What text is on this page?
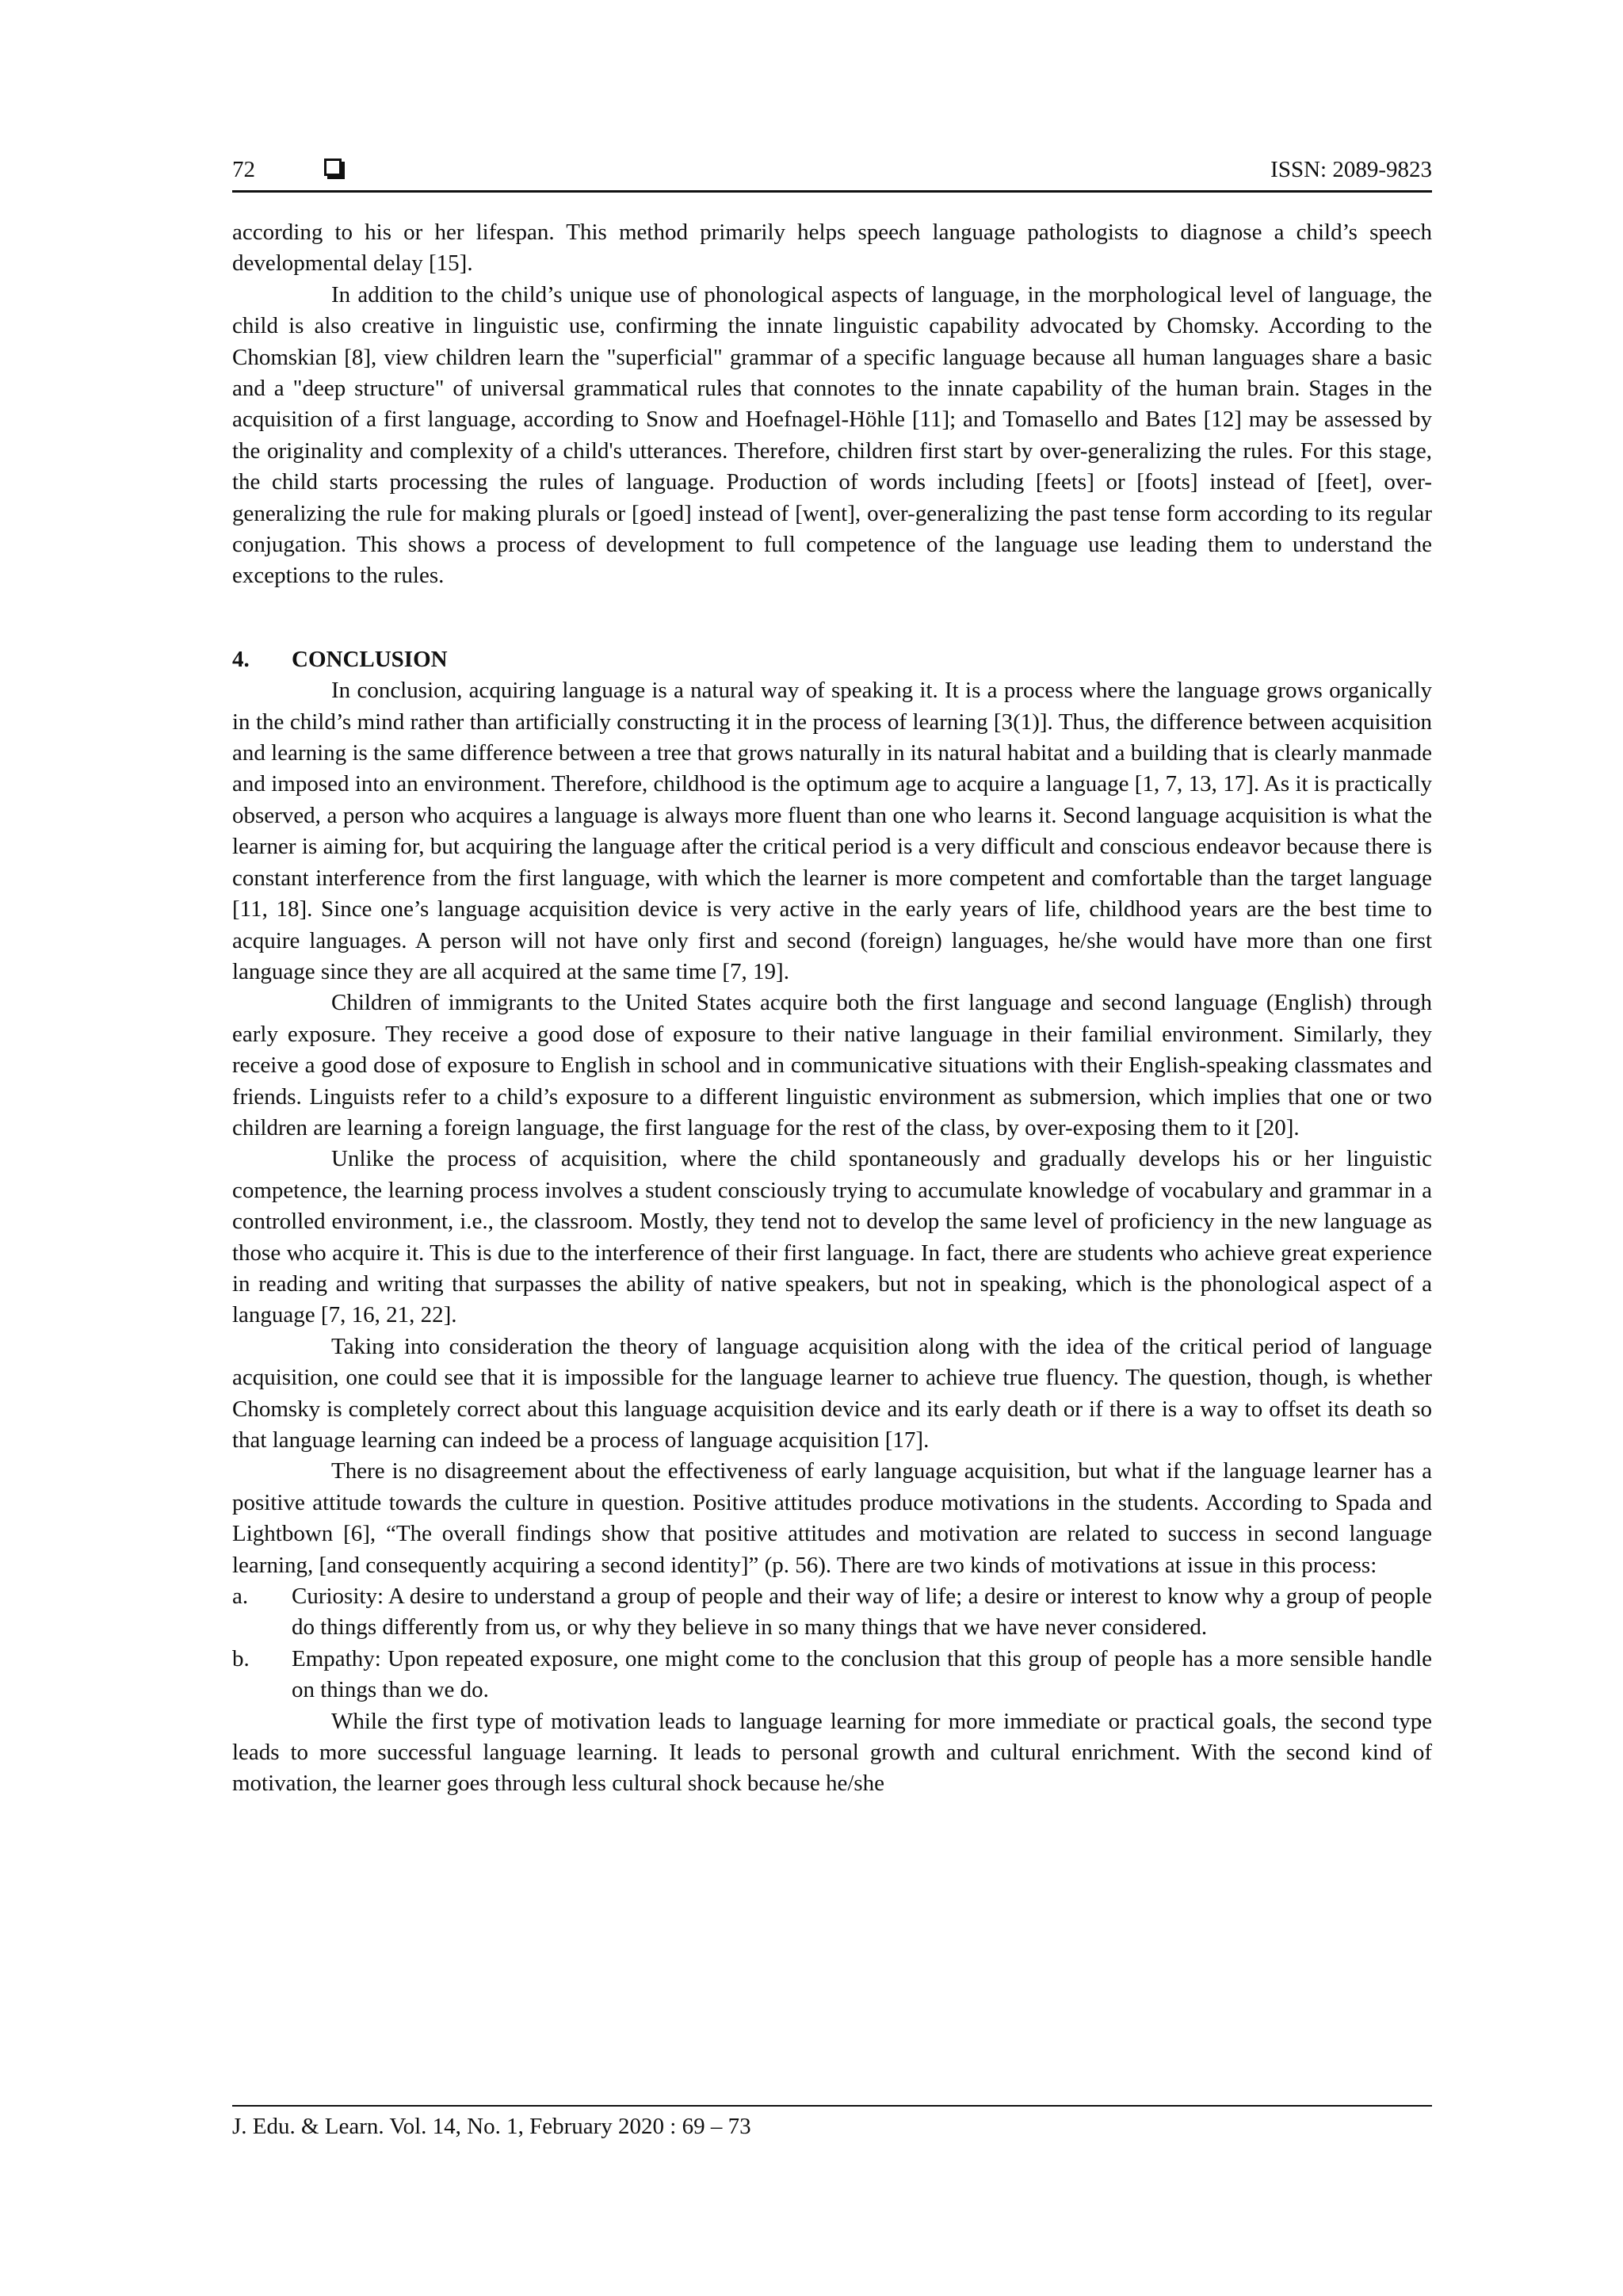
72	ISSN: 2089-9823

according to his or her lifespan. This method primarily helps speech language pathologists to diagnose a child’s speech developmental delay [15].

In addition to the child’s unique use of phonological aspects of language, in the morphological level of language, the child is also creative in linguistic use, confirming the innate linguistic capability advocated by Chomsky. According to the Chomskian [8], view children learn the "superficial" grammar of a specific language because all human languages share a basic and a "deep structure" of universal grammatical rules that connotes to the innate capability of the human brain. Stages in the acquisition of a first language, according to Snow and Hoefnagel-Höhle [11]; and Tomasello and Bates [12] may be assessed by the originality and complexity of a child's utterances. Therefore, children first start by over-generalizing the rules. For this stage, the child starts processing the rules of language. Production of words including [feets] or [foots] instead of [feet], over-generalizing the rule for making plurals or [goed] instead of [went], over-generalizing the past tense form according to its regular conjugation. This shows a process of development to full competence of the language use leading them to understand the exceptions to the rules.

4. CONCLUSION

In conclusion, acquiring language is a natural way of speaking it. It is a process where the language grows organically in the child’s mind rather than artificially constructing it in the process of learning [3(1)]. Thus, the difference between acquisition and learning is the same difference between a tree that grows naturally in its natural habitat and a building that is clearly manmade and imposed into an environment. Therefore, childhood is the optimum age to acquire a language [1, 7, 13, 17]. As it is practically observed, a person who acquires a language is always more fluent than one who learns it. Second language acquisition is what the learner is aiming for, but acquiring the language after the critical period is a very difficult and conscious endeavor because there is constant interference from the first language, with which the learner is more competent and comfortable than the target language [11, 18]. Since one’s language acquisition device is very active in the early years of life, childhood years are the best time to acquire languages. A person will not have only first and second (foreign) languages, he/she would have more than one first language since they are all acquired at the same time [7, 19].

Children of immigrants to the United States acquire both the first language and second language (English) through early exposure. They receive a good dose of exposure to their native language in their familial environment. Similarly, they receive a good dose of exposure to English in school and in communicative situations with their English-speaking classmates and friends. Linguists refer to a child’s exposure to a different linguistic environment as submersion, which implies that one or two children are learning a foreign language, the first language for the rest of the class, by over-exposing them to it [20].

Unlike the process of acquisition, where the child spontaneously and gradually develops his or her linguistic competence, the learning process involves a student consciously trying to accumulate knowledge of vocabulary and grammar in a controlled environment, i.e., the classroom. Mostly, they tend not to develop the same level of proficiency in the new language as those who acquire it. This is due to the interference of their first language. In fact, there are students who achieve great experience in reading and writing that surpasses the ability of native speakers, but not in speaking, which is the phonological aspect of a language [7, 16, 21, 22].

Taking into consideration the theory of language acquisition along with the idea of the critical period of language acquisition, one could see that it is impossible for the language learner to achieve true fluency. The question, though, is whether Chomsky is completely correct about this language acquisition device and its early death or if there is a way to offset its death so that language learning can indeed be a process of language acquisition [17].

There is no disagreement about the effectiveness of early language acquisition, but what if the language learner has a positive attitude towards the culture in question. Positive attitudes produce motivations in the students. According to Spada and Lightbown [6], “The overall findings show that positive attitudes and motivation are related to success in second language learning, [and consequently acquiring a second identity]” (p. 56). There are two kinds of motivations at issue in this process:

a. Curiosity: A desire to understand a group of people and their way of life; a desire or interest to know why a group of people do things differently from us, or why they believe in so many things that we have never considered.
b. Empathy: Upon repeated exposure, one might come to the conclusion that this group of people has a more sensible handle on things than we do.

While the first type of motivation leads to language learning for more immediate or practical goals, the second type leads to more successful language learning. It leads to personal growth and cultural enrichment. With the second kind of motivation, the learner goes through less cultural shock because he/she

J. Edu. & Learn. Vol. 14, No. 1, February 2020 : 69 – 73
